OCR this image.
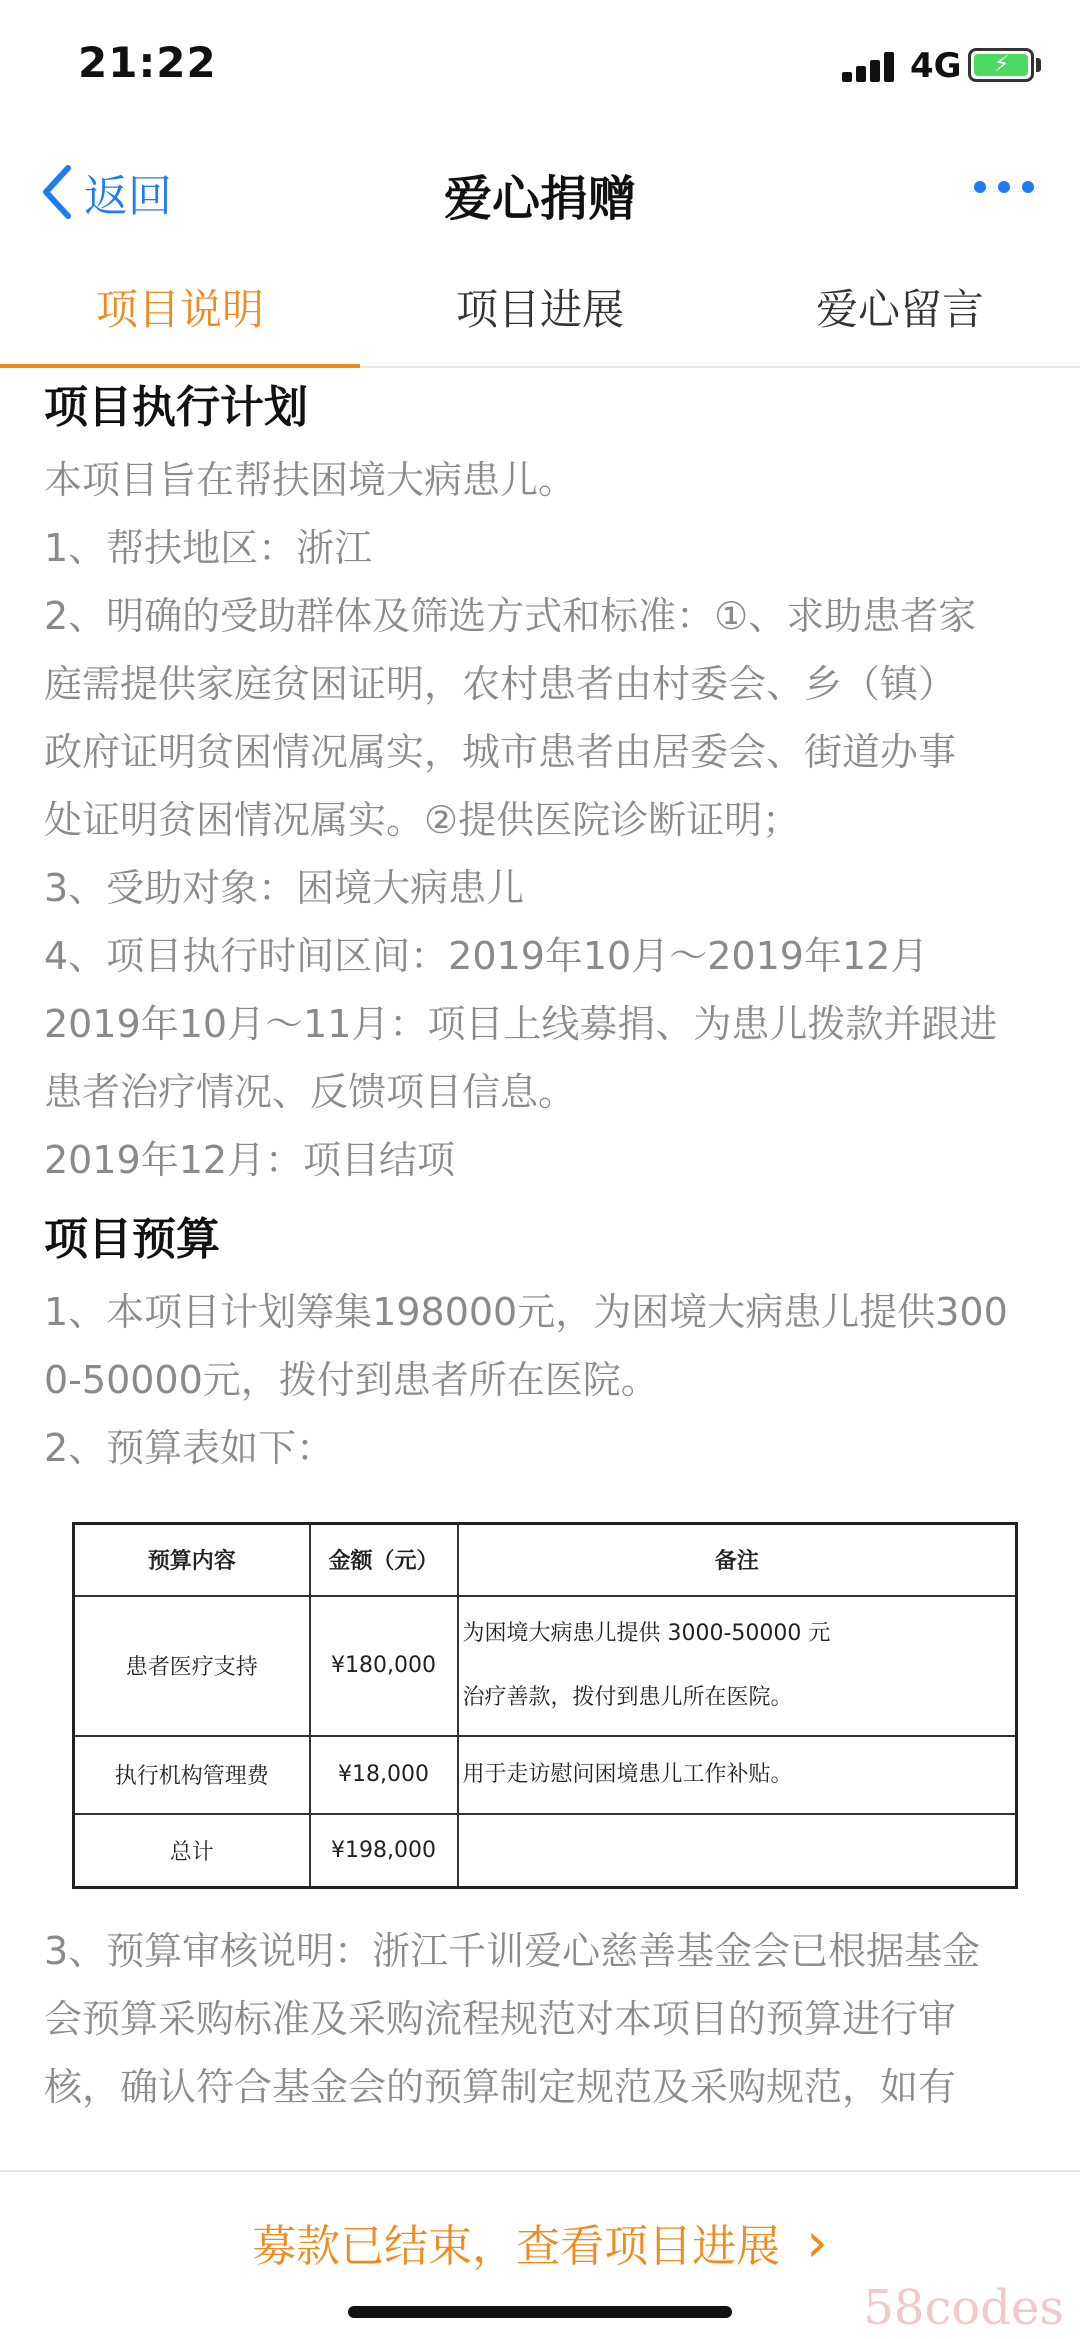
21:22	4G ⚡
返回	爱心捐赠
项目说明	项目进展	爱心留言
项目执行计划
本项目旨在帮扶困境大病患儿。
1、帮扶地区：浙江
2、明确的受助群体及筛选方式和标准：①、求助患者家
庭需提供家庭贫困证明，农村患者由村委会、乡（镇）
政府证明贫困情况属实，城市患者由居委会、街道办事
处证明贫困情况属实。②提供医院诊断证明；
3、受助对象：困境大病患儿
4、项目执行时间区间：2019年10月～2019年12月
2019年10月～11月：项目上线募捐、为患儿拨款并跟进
患者治疗情况、反馈项目信息。
2019年12月：项目结项
项目预算
1、本项目计划筹集198000元，为困境大病患儿提供300
0-50000元，拨付到患者所在医院。
2、预算表如下：
预算内容	金额（元）	备注
患者医疗支持	¥180,000	为困境大病患儿提供 3000-50000 元
治疗善款，拨付到患儿所在医院。

执行机构管理费	¥18,000	用于走访慰问困境患儿工作补贴。
总计	¥198,000	
3、预算审核说明：浙江千训爱心慈善基金会已根据基金
会预算采购标准及采购流程规范对本项目的预算进行审
核，确认符合基金会的预算制定规范及采购规范，如有
募款已结束，查看项目进展 ›
58codes
